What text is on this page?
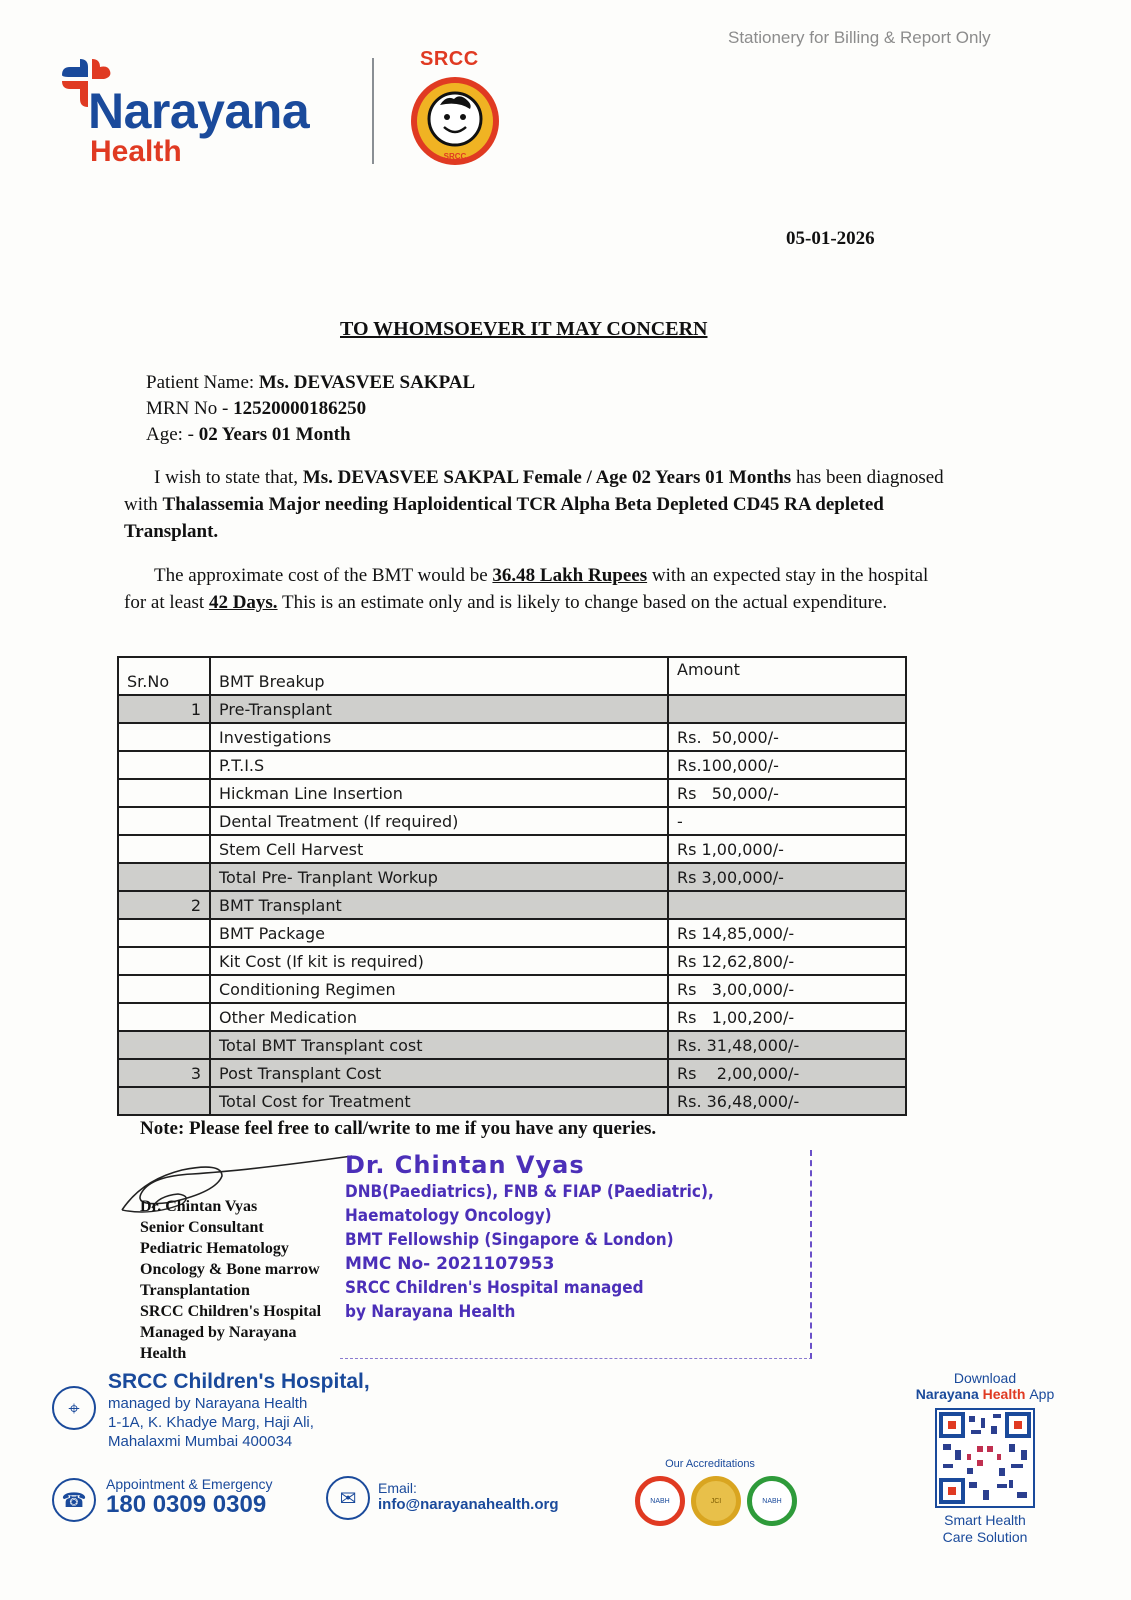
Narayana
Health
SRCC
SRCC
Stationery for Billing & Report Only
05-01-2026
TO WHOMSOEVER IT MAY CONCERN
Patient Name: Ms. DEVASVEE SAKPAL
MRN No - 12520000186250
Age: - 02 Years 01 Month
I wish to state that, Ms. DEVASVEE SAKPAL Female / Age 02 Years 01 Months has been diagnosed with Thalassemia Major needing Haploidentical TCR Alpha Beta Depleted CD45 RA depleted Transplant.
The approximate cost of the BMT would be 36.48 Lakh Rupees with an expected stay in the hospital for at least 42 Days. This is an estimate only and is likely to change based on the actual expenditure.
Sr.No	BMT Breakup	Amount
1	Pre-Transplant	
	Investigations	Rs.  50,000/-
	P.T.I.S	Rs.100,000/-
	Hickman Line Insertion	Rs   50,000/-
	Dental Treatment (If required)	-
	Stem Cell Harvest	Rs 1,00,000/-
	Total Pre- Tranplant Workup	Rs 3,00,000/-
2	BMT Transplant	
	BMT Package	Rs 14,85,000/-
	Kit Cost (If kit is required)	Rs 12,62,800/-
	Conditioning Regimen	Rs   3,00,000/-
	Other Medication	Rs   1,00,200/-
	Total BMT Transplant cost	Rs. 31,48,000/-
3	Post Transplant Cost	Rs    2,00,000/-
	Total Cost for Treatment	Rs. 36,48,000/-
Note: Please feel free to call/write to me if you have any queries.
Dr. Chintan Vyas
DNB(Paediatrics), FNB & FIAP (Paediatric),
Haematology Oncology)
BMT Fellowship (Singapore & London)
MMC No- 2021107953
SRCC Children's Hospital managed
by Narayana Health
Dr. Chintan Vyas
Senior Consultant
Pediatric Hematology Oncology & Bone marrow Transplantation
SRCC Children's Hospital Managed by Narayana Health
⌖
SRCC Children's Hospital,
managed by Narayana Health
1-1A, K. Khadye Marg, Haji Ali,
Mahalaxmi Mumbai 400034
☎
Appointment & Emergency
180 0309 0309	✉	Email:
info@narayanahealth.org
Our Accreditations
NABH	JCI	NABH
Download
Narayana Health App
Smart Health
Care Solution
